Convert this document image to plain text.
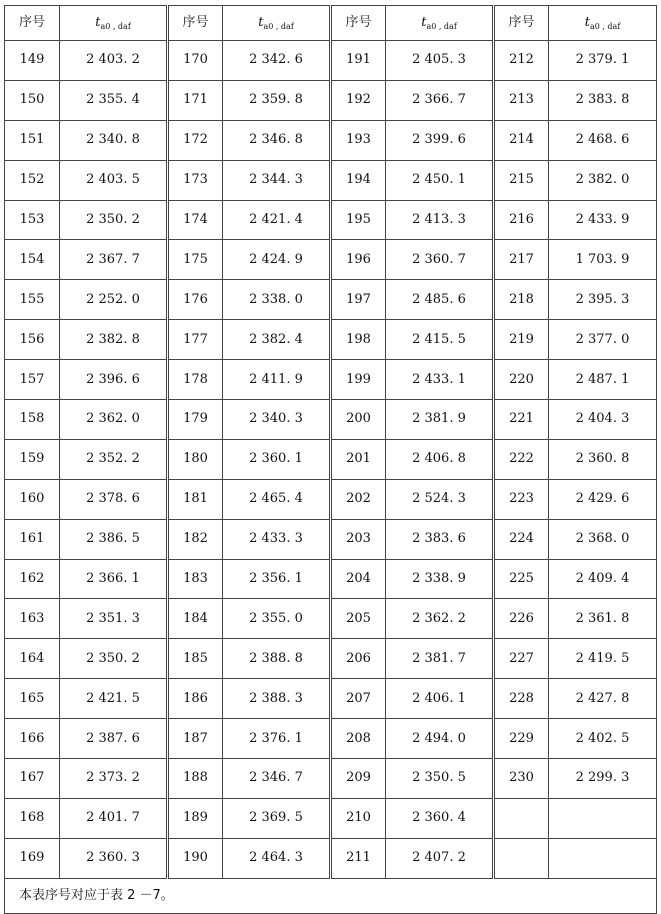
序号	$t_{a0 , daf}$	序号	$t_{a0 , daf}$	序号	$t_{a0 , daf}$	序号	$t_{a0 , daf}$
149	2 403. 2	170	2 342. 6	191	2 405. 3	212	2 379. 1
150	2 355. 4	171	2 359. 8	192	2 366. 7	213	2 383. 8
151	2 340. 8	172	2 346. 8	193	2 399. 6	214	2 468. 6
152	2 403. 5	173	2 344. 3	194	2 450. 1	215	2 382. 0
153	2 350. 2	174	2 421. 4	195	2 413. 3	216	2 433. 9
154	2 367. 7	175	2 424. 9	196	2 360. 7	217	1 703. 9
155	2 252. 0	176	2 338. 0	197	2 485. 6	218	2 395. 3
156	2 382. 8	177	2 382. 4	198	2 415. 5	219	2 377. 0
157	2 396. 6	178	2 411. 9	199	2 433. 1	220	2 487. 1
158	2 362. 0	179	2 340. 3	200	2 381. 9	221	2 404. 3
159	2 352. 2	180	2 360. 1	201	2 406. 8	222	2 360. 8
160	2 378. 6	181	2 465. 4	202	2 524. 3	223	2 429. 6
161	2 386. 5	182	2 433. 3	203	2 383. 6	224	2 368. 0
162	2 366. 1	183	2 356. 1	204	2 338. 9	225	2 409. 4
163	2 351. 3	184	2 355. 0	205	2 362. 2	226	2 361. 8
164	2 350. 2	185	2 388. 8	206	2 381. 7	227	2 419. 5
165	2 421. 5	186	2 388. 3	207	2 406. 1	228	2 427. 8
166	2 387. 6	187	2 376. 1	208	2 494. 0	229	2 402. 5
167	2 373. 2	188	2 346. 7	209	2 350. 5	230	2 299. 3
168	2 401. 7	189	2 369. 5	210	2 360. 4		
169	2 360. 3	190	2 464. 3	211	2 407. 2		
本表序号对应于表 2 －7。							
